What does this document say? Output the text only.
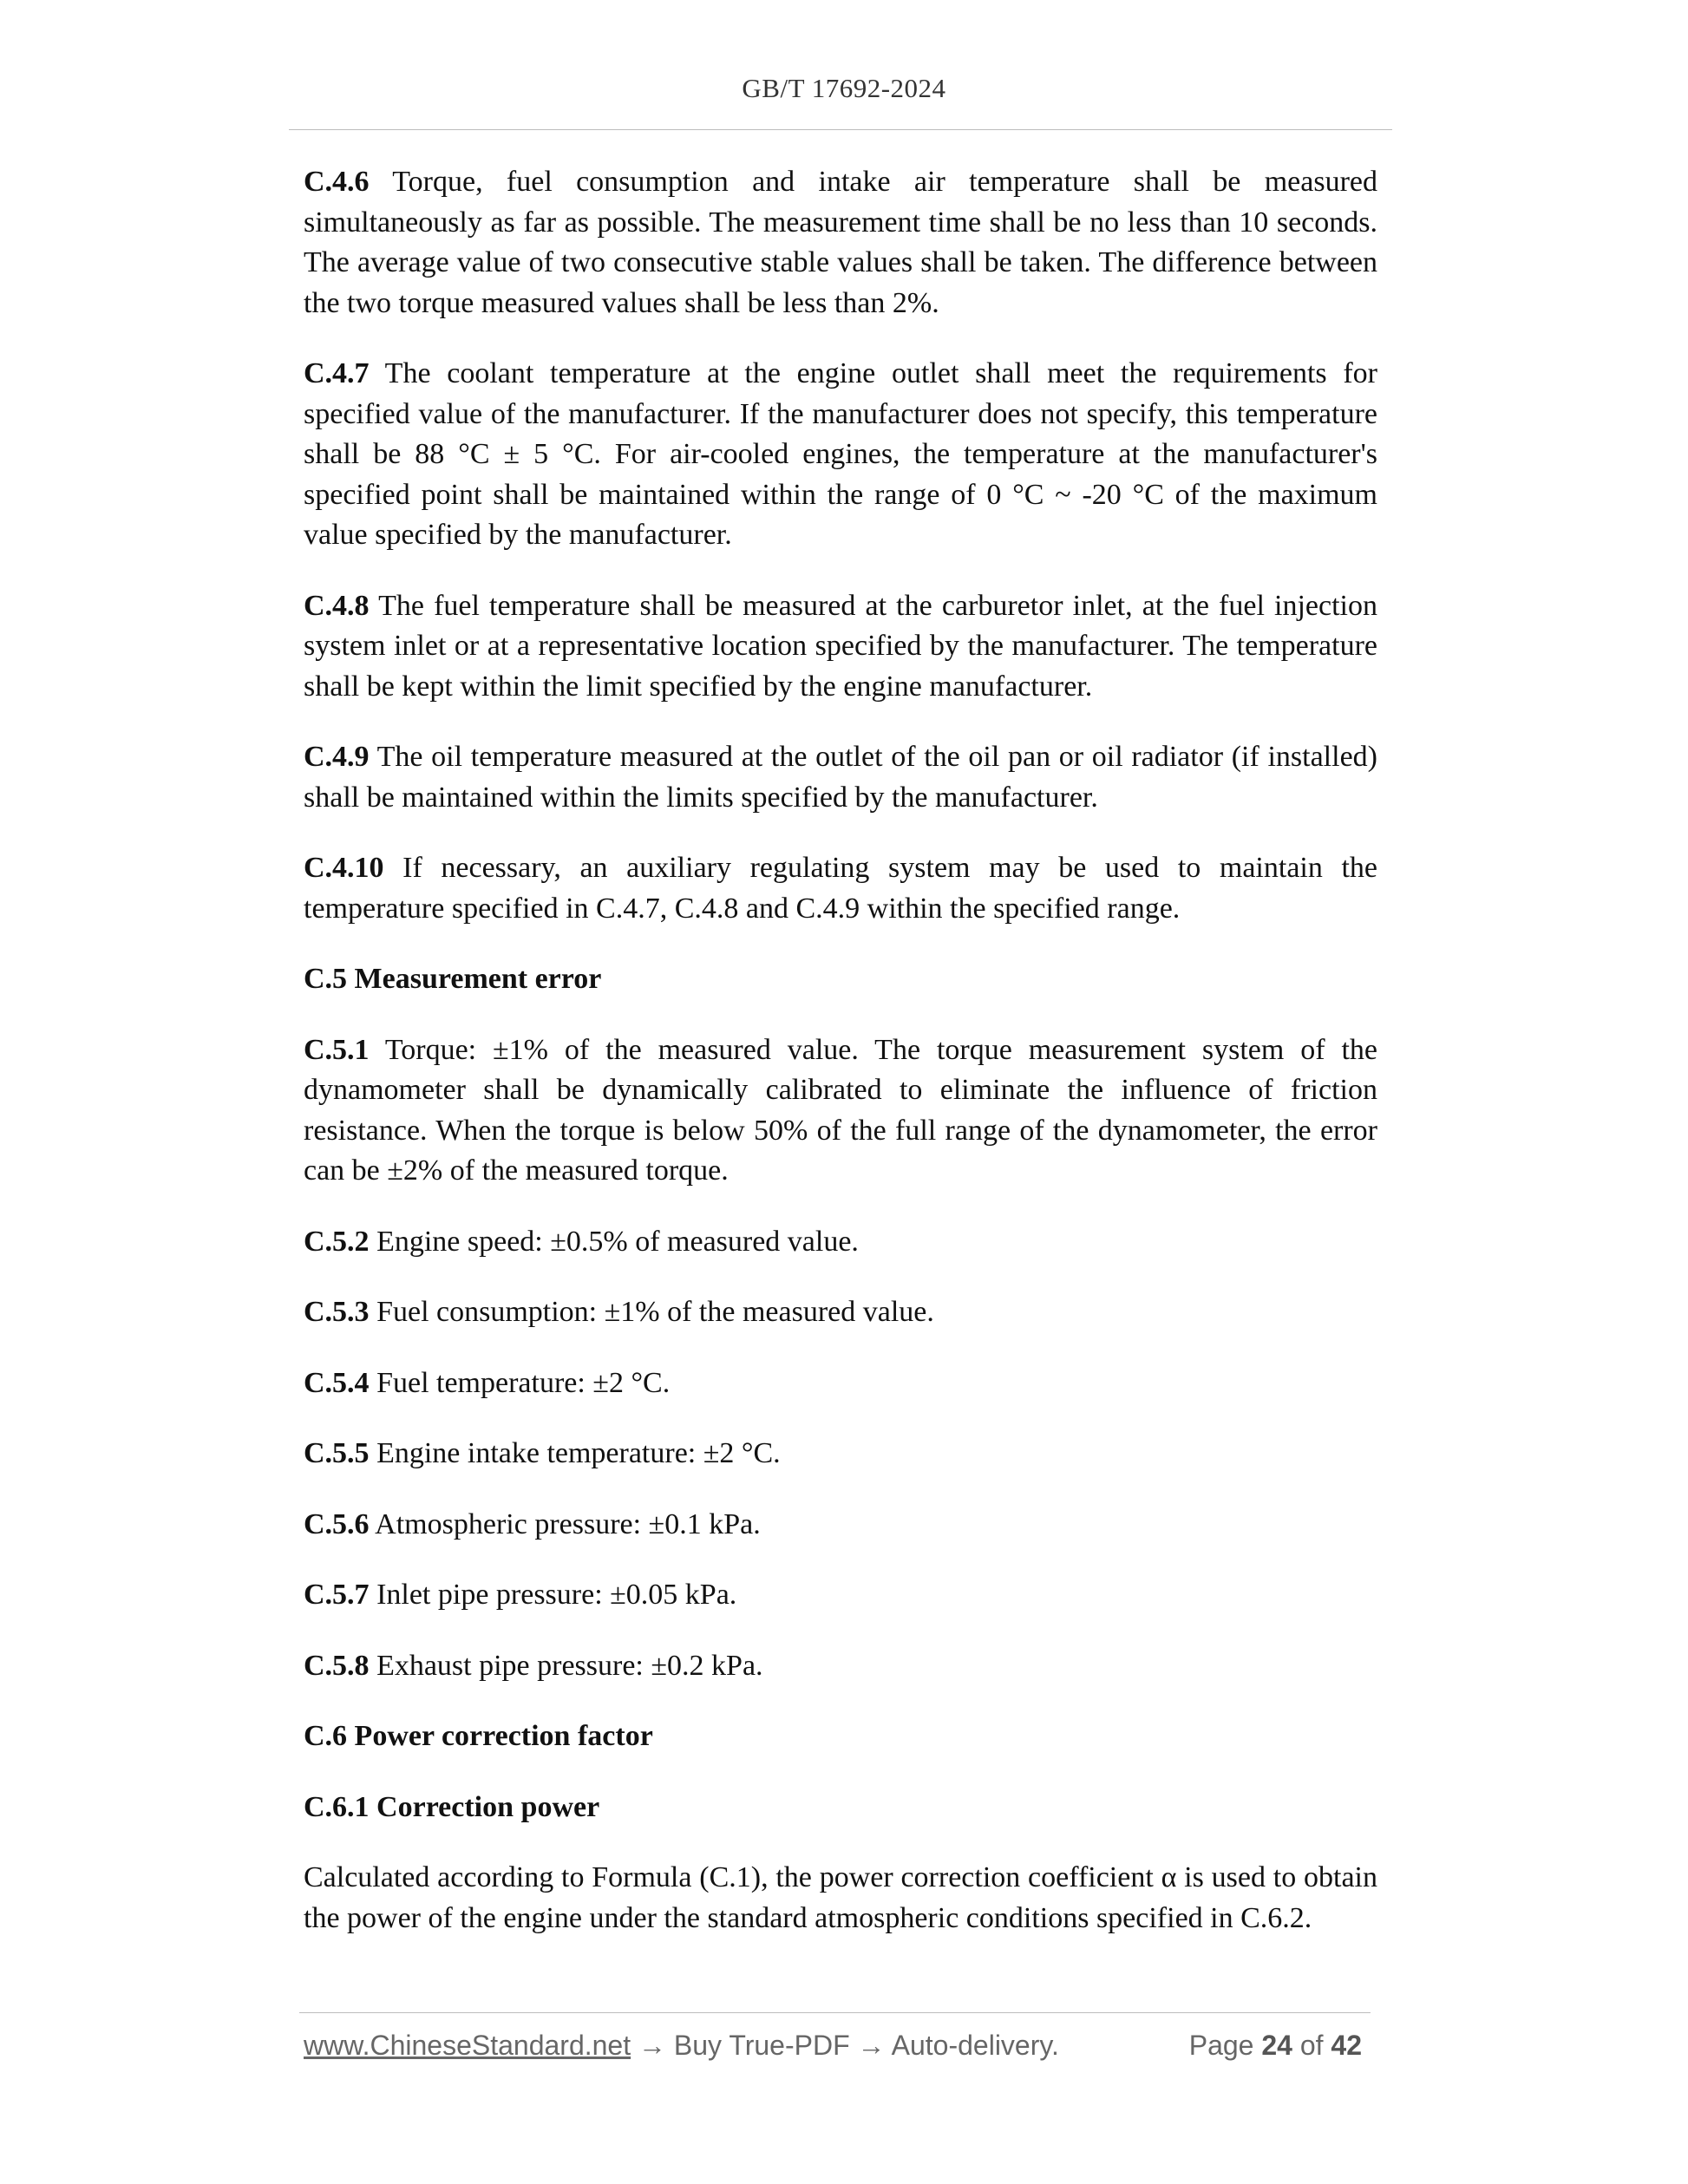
GB/T 17692-2024

C.4.6 Torque, fuel consumption and intake air temperature shall be measured simultaneously as far as possible. The measurement time shall be no less than 10 seconds. The average value of two consecutive stable values shall be taken. The difference between the two torque measured values shall be less than 2%.

C.4.7 The coolant temperature at the engine outlet shall meet the requirements for specified value of the manufacturer. If the manufacturer does not specify, this temperature shall be 88 °C ± 5 °C. For air-cooled engines, the temperature at the manufacturer's specified point shall be maintained within the range of 0 °C ~ -20 °C of the maximum value specified by the manufacturer.

C.4.8 The fuel temperature shall be measured at the carburetor inlet, at the fuel injection system inlet or at a representative location specified by the manufacturer. The temperature shall be kept within the limit specified by the engine manufacturer.

C.4.9 The oil temperature measured at the outlet of the oil pan or oil radiator (if installed) shall be maintained within the limits specified by the manufacturer.

C.4.10 If necessary, an auxiliary regulating system may be used to maintain the temperature specified in C.4.7, C.4.8 and C.4.9 within the specified range.

C.5 Measurement error

C.5.1 Torque: ±1% of the measured value. The torque measurement system of the dynamometer shall be dynamically calibrated to eliminate the influence of friction resistance. When the torque is below 50% of the full range of the dynamometer, the error can be ±2% of the measured torque.

C.5.2 Engine speed: ±0.5% of measured value.

C.5.3 Fuel consumption: ±1% of the measured value.

C.5.4 Fuel temperature: ±2 °C.

C.5.5 Engine intake temperature: ±2 °C.

C.5.6 Atmospheric pressure: ±0.1 kPa.

C.5.7 Inlet pipe pressure: ±0.05 kPa.

C.5.8 Exhaust pipe pressure: ±0.2 kPa.

C.6 Power correction factor

C.6.1 Correction power

Calculated according to Formula (C.1), the power correction coefficient α is used to obtain the power of the engine under the standard atmospheric conditions specified in C.6.2.

www.ChineseStandard.net → Buy True-PDF → Auto-delivery.	Page 24 of 42
